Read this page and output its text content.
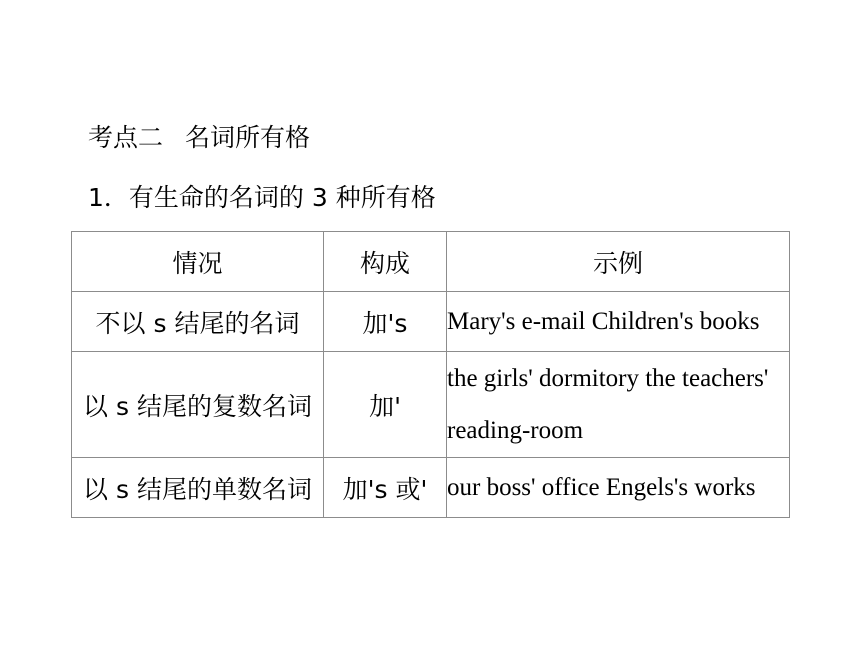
考点二 名词所有格
1．有生命的名词的 3 种所有格
情况	构成	示例
不以 s 结尾的名词	加's	Mary's e-mail Children's books

以 s 结尾的复数名词	加'	the girls' dormitory the teachers'
reading-room

以 s 结尾的单数名词	加's 或'	our boss' office Engels's works
